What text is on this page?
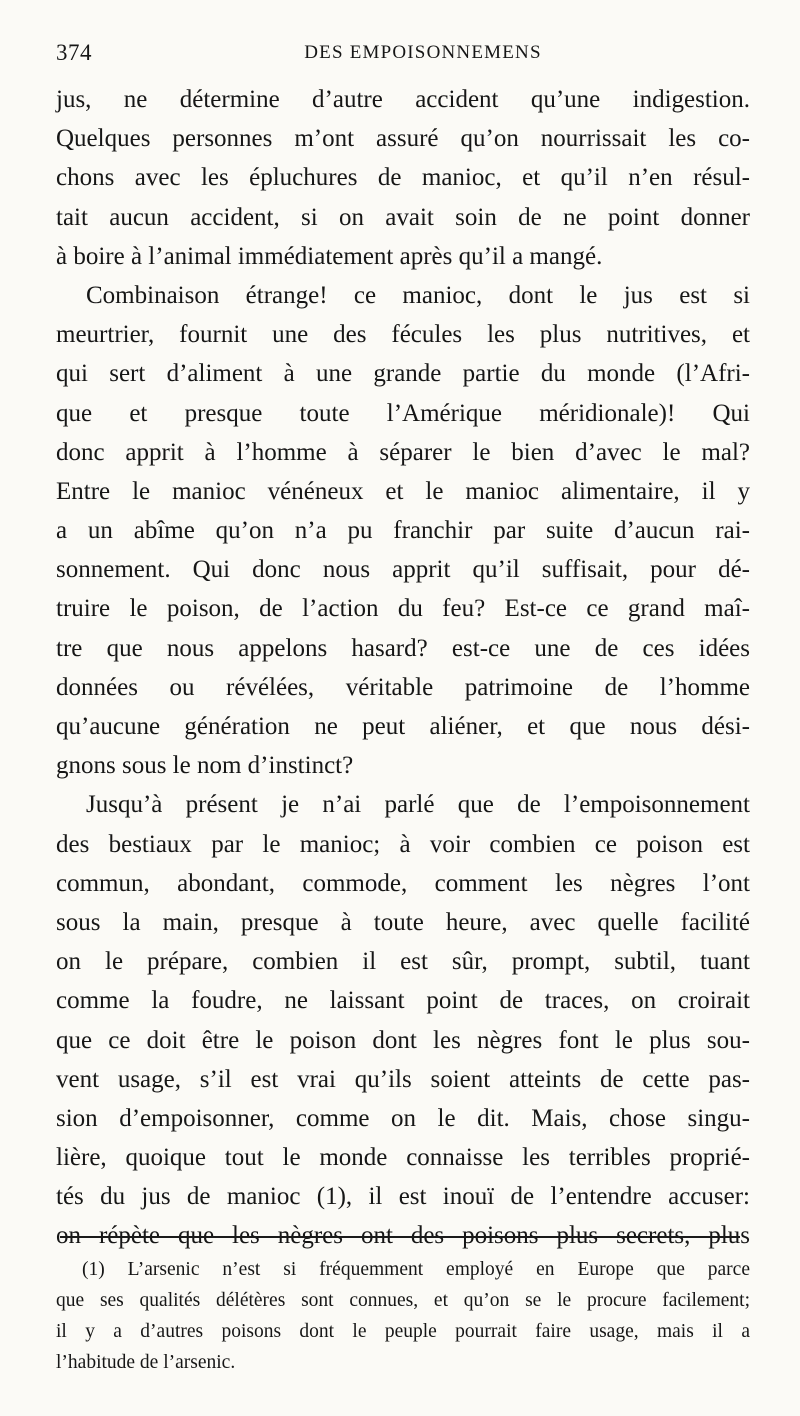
374	DES EMPOISONNEMENS
jus, ne détermine d’autre accident qu’une indigestion.
Quelques personnes m’ont assuré qu’on nourrissait les co-
chons avec les épluchures de manioc, et qu’il n’en résul-
tait aucun accident, si on avait soin de ne point donner
à boire à l’animal immédiatement après qu’il a mangé.
Combinaison étrange! ce manioc, dont le jus est si
meurtrier, fournit une des fécules les plus nutritives, et
qui sert d’aliment à une grande partie du monde (l’Afri-
que et presque toute l’Amérique méridionale)! Qui
donc apprit à l’homme à séparer le bien d’avec le mal?
Entre le manioc vénéneux et le manioc alimentaire, il y
a un abîme qu’on n’a pu franchir par suite d’aucun rai-
sonnement. Qui donc nous apprit qu’il suffisait, pour dé-
truire le poison, de l’action du feu? Est-ce ce grand maî-
tre que nous appelons hasard? est-ce une de ces idées
données ou révélées, véritable patrimoine de l’homme
qu’aucune génération ne peut aliéner, et que nous dési-
gnons sous le nom d’instinct?
Jusqu’à présent je n’ai parlé que de l’empoisonnement
des bestiaux par le manioc; à voir combien ce poison est
commun, abondant, commode, comment les nègres l’ont
sous la main, presque à toute heure, avec quelle facilité
on le prépare, combien il est sûr, prompt, subtil, tuant
comme la foudre, ne laissant point de traces, on croirait
que ce doit être le poison dont les nègres font le plus sou-
vent usage, s’il est vrai qu’ils soient atteints de cette pas-
sion d’empoisonner, comme on le dit. Mais, chose singu-
lière, quoique tout le monde connaisse les terribles proprié-
tés du jus de manioc (1), il est inouï de l’entendre accuser:
on répète que les nègres ont des poisons plus secrets, plus
(1) L’arsenic n’est si fréquemment employé en Europe que parce
que ses qualités délétères sont connues, et qu’on se le procure facilement;
il y a d’autres poisons dont le peuple pourrait faire usage, mais il a
l’habitude de l’arsenic.
